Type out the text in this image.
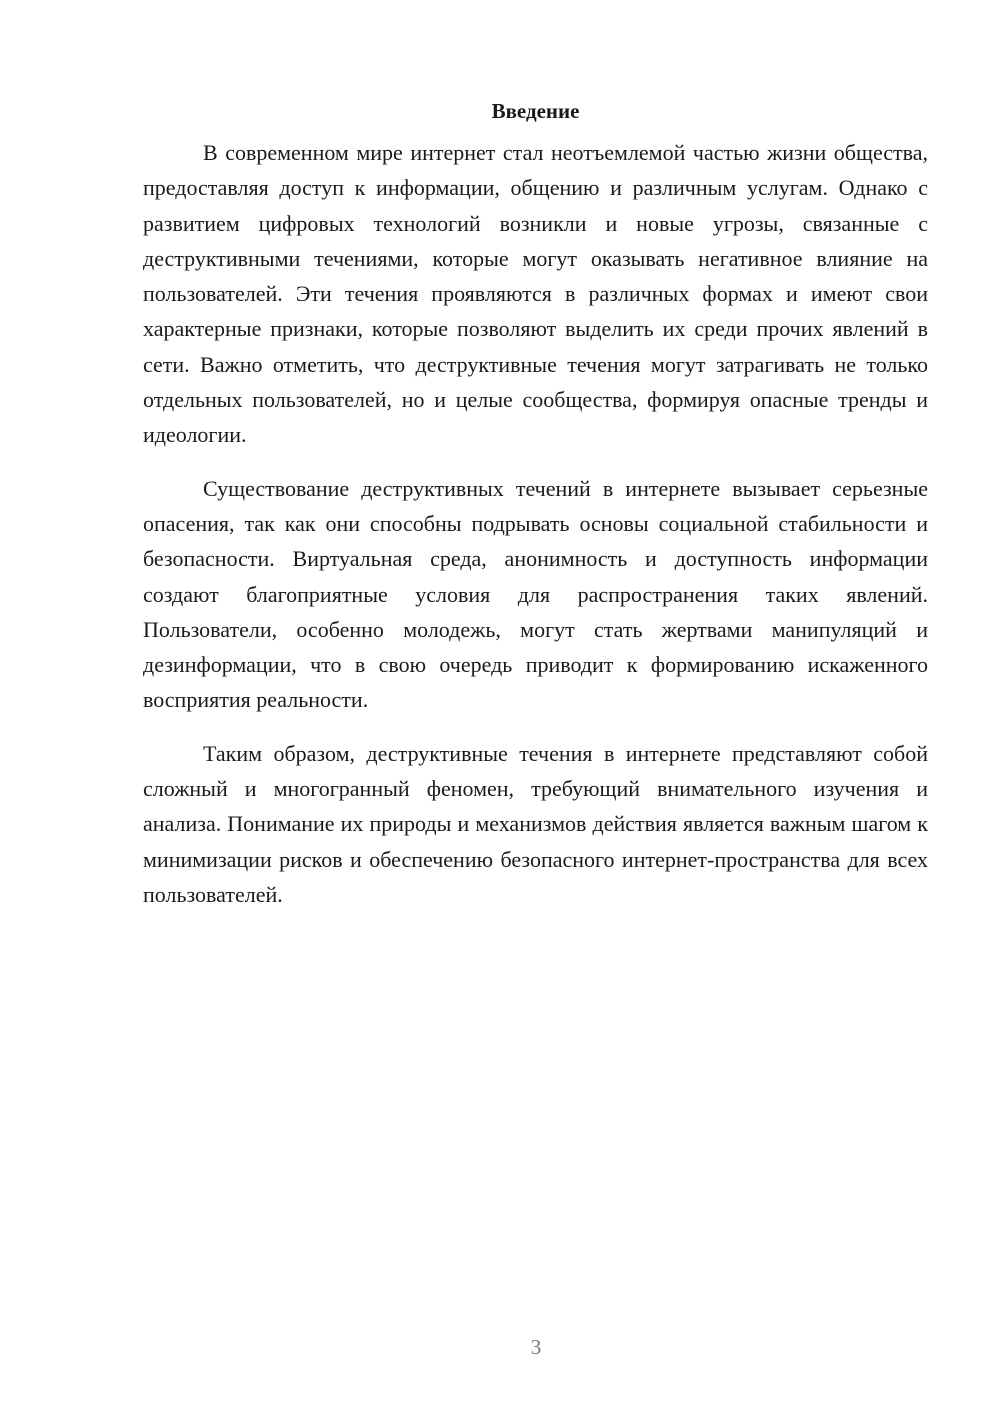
Введение

В современном мире интернет стал неотъемлемой частью жизни общества, предоставляя доступ к информации, общению и различным услугам. Однако с развитием цифровых технологий возникли и новые угрозы, связанные с деструктивными течениями, которые могут оказывать негативное влияние на пользователей. Эти течения проявляются в различных формах и имеют свои характерные признаки, которые позволяют выделить их среди прочих явлений в сети. Важно отметить, что деструктивные течения могут затрагивать не только отдельных пользователей, но и целые сообщества, формируя опасные тренды и идеологии.

Существование деструктивных течений в интернете вызывает серьезные опасения, так как они способны подрывать основы социальной стабильности и безопасности. Виртуальная среда, анонимность и доступность информации создают благоприятные условия для распространения таких явлений. Пользователи, особенно молодежь, могут стать жертвами манипуляций и дезинформации, что в свою очередь приводит к формированию искаженного восприятия реальности.

Таким образом, деструктивные течения в интернете представляют собой сложный и многогранный феномен, требующий внимательного изучения и анализа. Понимание их природы и механизмов действия является важным шагом к минимизации рисков и обеспечению безопасного интернет-пространства для всех пользователей.

3
